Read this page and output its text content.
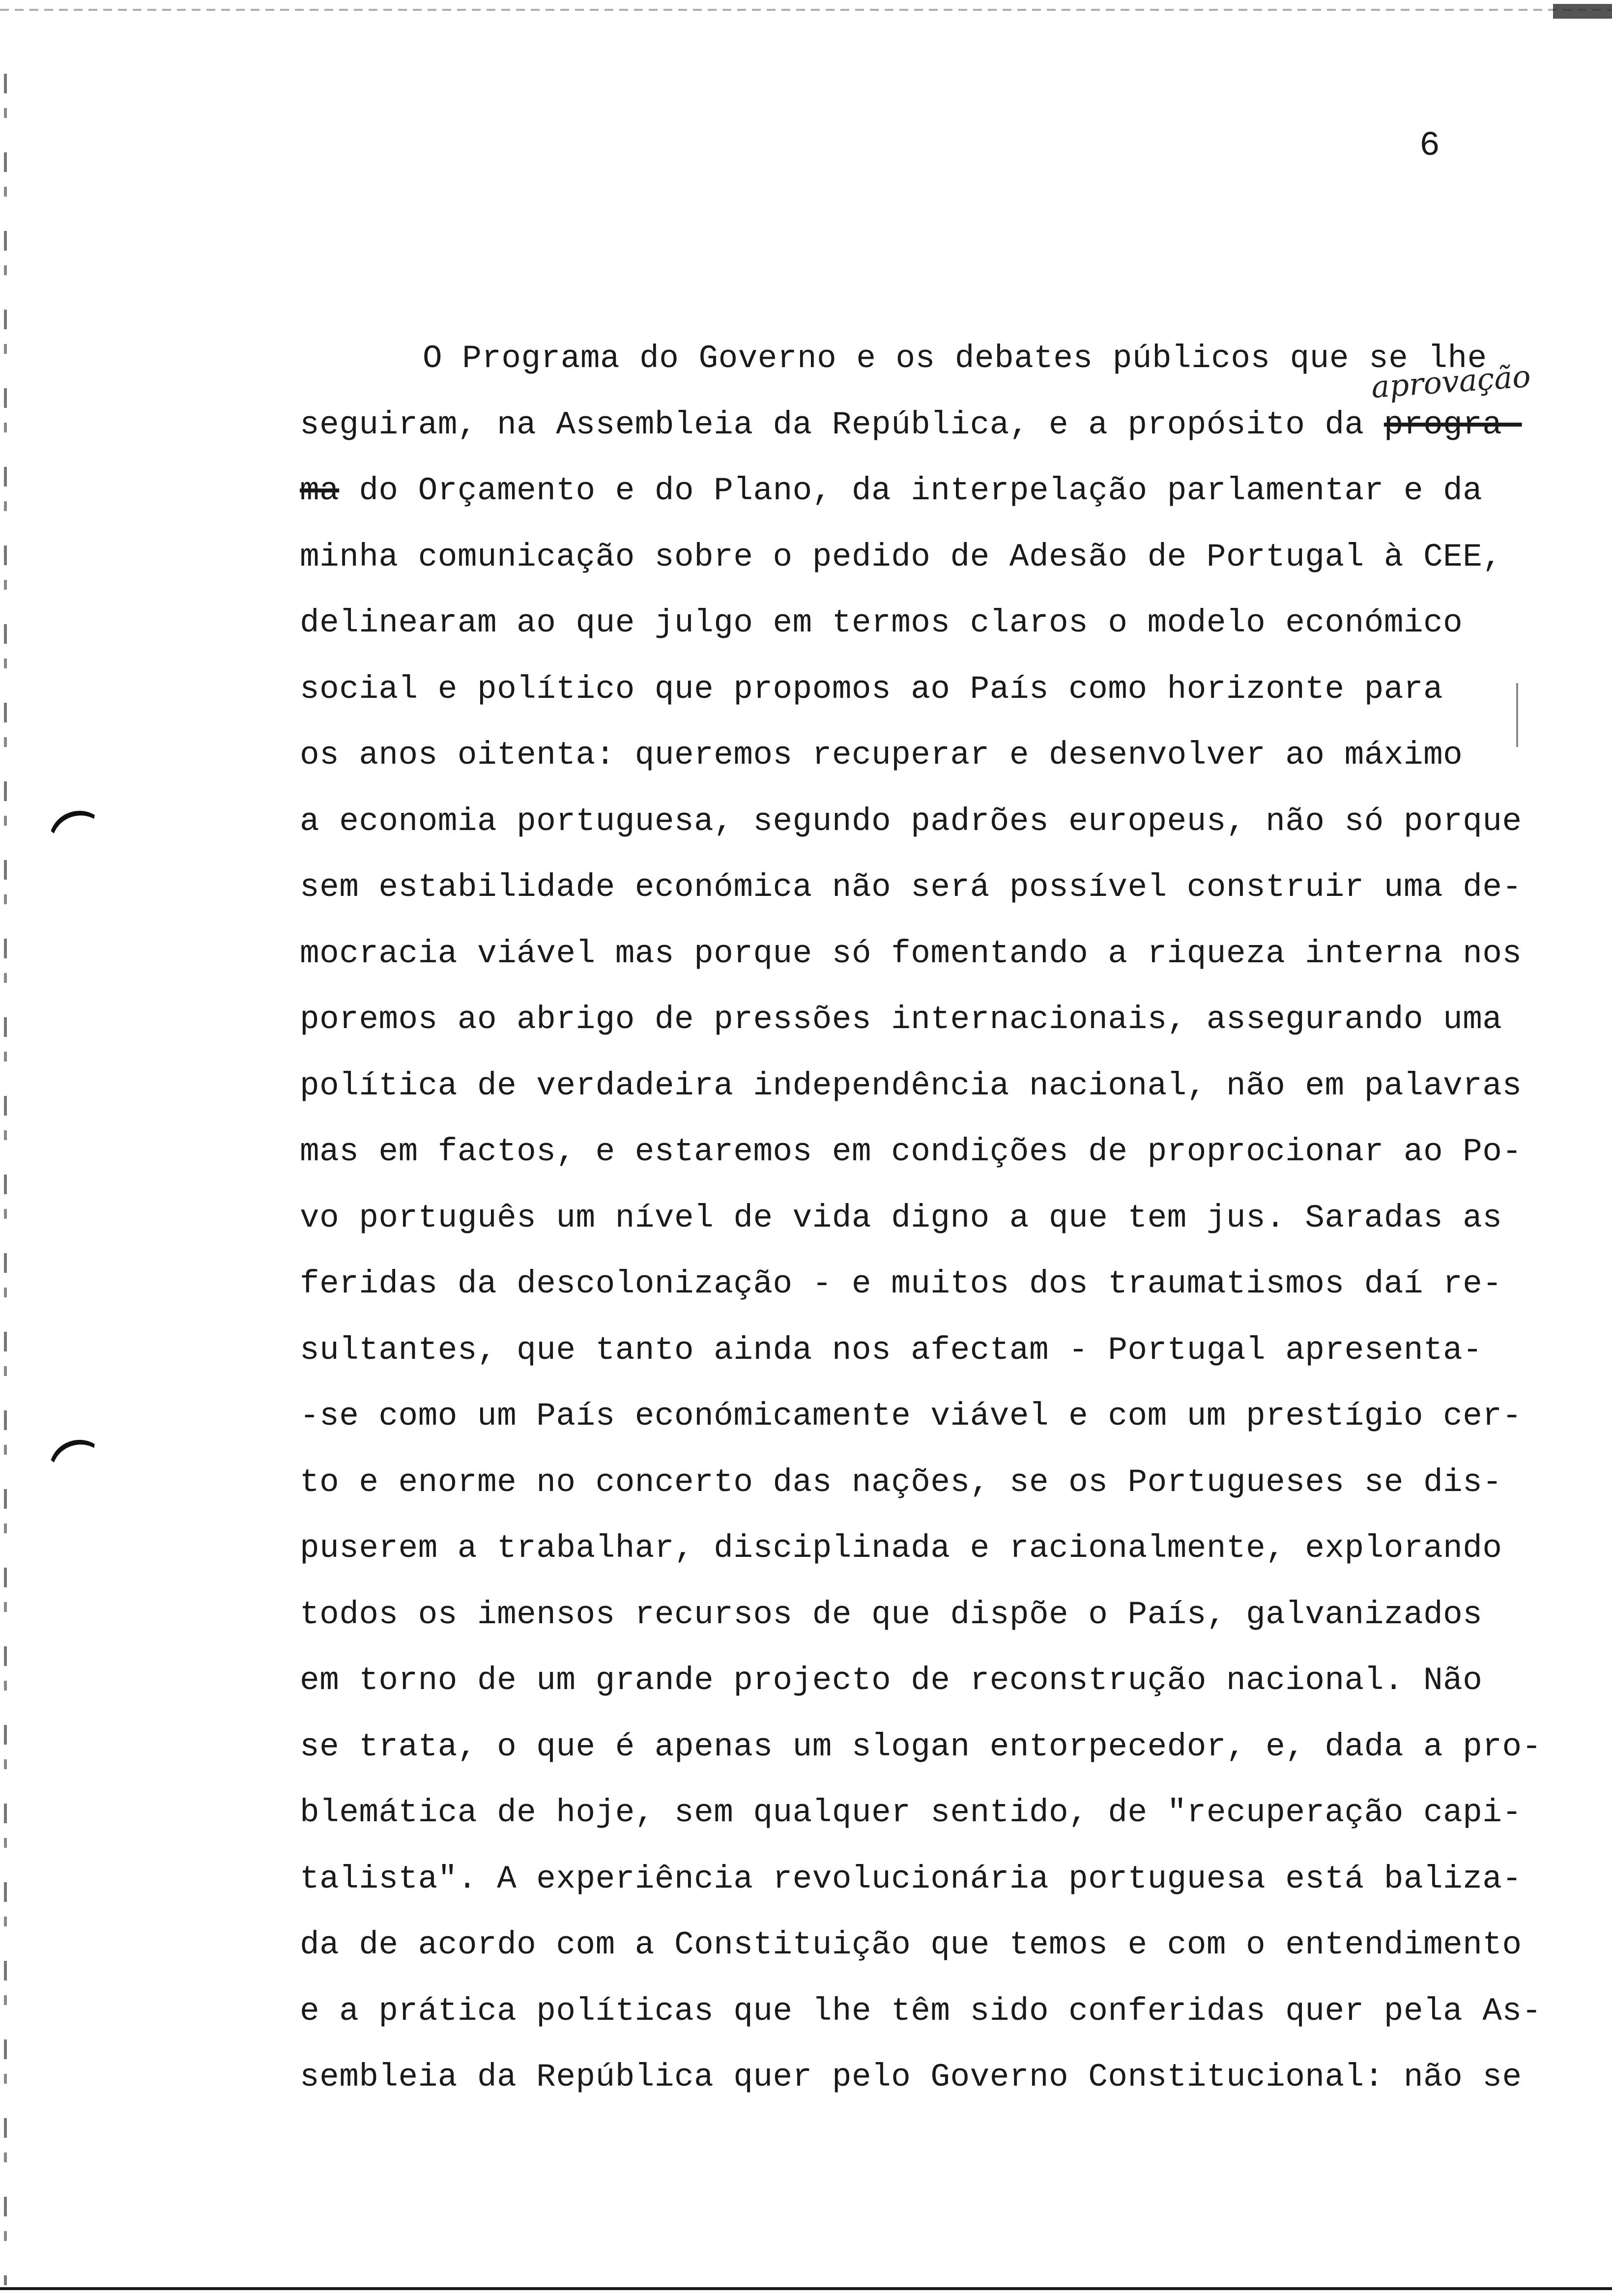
6
aprovação
O Programa do Governo e os debates públicos que se lhe
seguiram, na Assembleia da República, e a propósito da progra-
ma do Orçamento e do Plano, da interpelação parlamentar e da
minha comunicação sobre o pedido de Adesão de Portugal à CEE,
delinearam ao que julgo em termos claros o modelo económico
social e político que propomos ao País como horizonte para
os anos oitenta: queremos recuperar e desenvolver ao máximo
a economia portuguesa, segundo padrões europeus, não só porque
sem estabilidade económica não será possível construir uma de-
mocracia viável mas porque só fomentando a riqueza interna nos
poremos ao abrigo de pressões internacionais, assegurando uma
política de verdadeira independência nacional, não em palavras
mas em factos, e estaremos em condições de proprocionar ao Po-
vo português um nível de vida digno a que tem jus. Saradas as
feridas da descolonização - e muitos dos traumatismos daí re-
sultantes, que tanto ainda nos afectam - Portugal apresenta-
-se como um País económicamente viável e com um prestígio cer-
to e enorme no concerto das nações, se os Portugueses se dis-
puserem a trabalhar, disciplinada e racionalmente, explorando
todos os imensos recursos de que dispõe o País, galvanizados
em torno de um grande projecto de reconstrução nacional. Não
se trata, o que é apenas um slogan entorpecedor, e, dada a pro-
blemática de hoje, sem qualquer sentido, de "recuperação capi-
talista". A experiência revolucionária portuguesa está baliza-
da de acordo com a Constituição que temos e com o entendimento
e a prática políticas que lhe têm sido conferidas quer pela As-
sembleia da República quer pelo Governo Constitucional: não se
